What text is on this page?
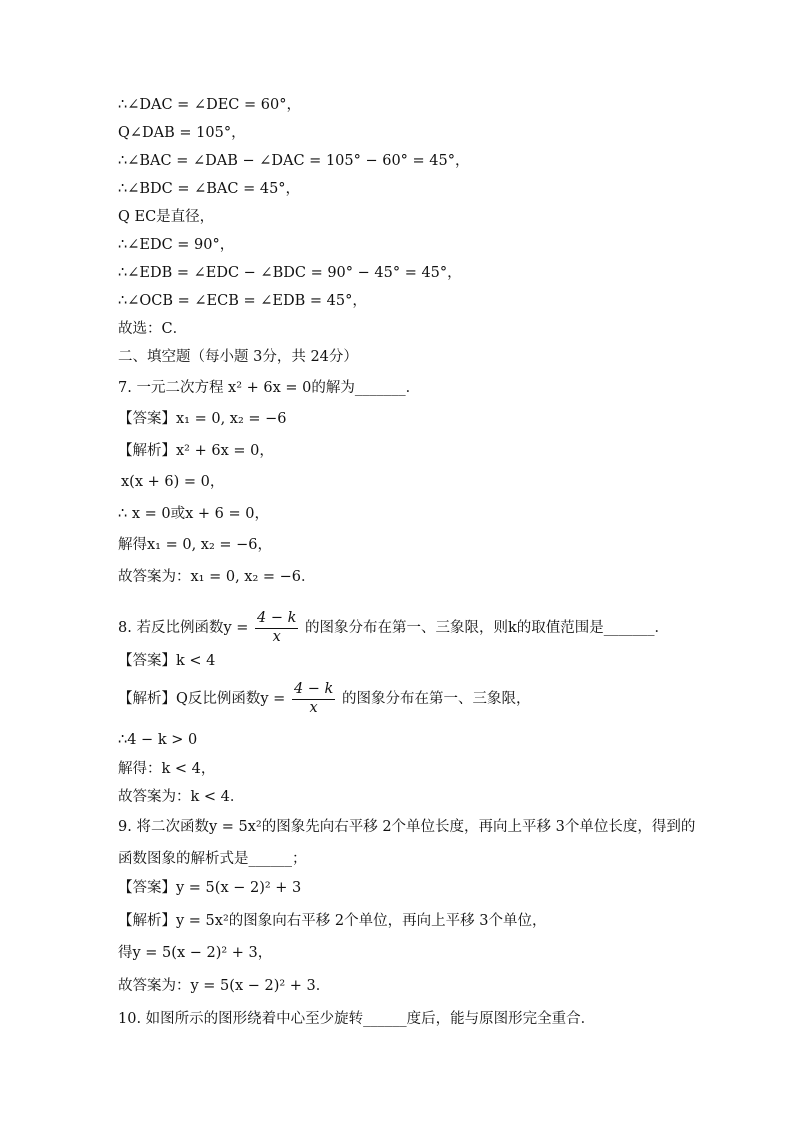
∴∠DAC = ∠DEC = 60°，
Q∠DAB = 105°，
∴∠BAC = ∠DAB − ∠DAC = 105° − 60° = 45°，
∴∠BDC = ∠BAC = 45°，
Q EC是直径，
∴∠EDC = 90°，
∴∠EDB = ∠EDC − ∠BDC = 90° − 45° = 45°，
∴∠OCB = ∠ECB = ∠EDB = 45°，
故选：C．
二、填空题（每小题 3分，共 24分）
7. 一元二次方程 x² + 6x = 0的解为_______．
【答案】x₁ = 0, x₂ = −6
【解析】x² + 6x = 0，
x(x + 6) = 0，
∴ x = 0或x + 6 = 0，
解得x₁ = 0, x₂ = −6，
故答案为：x₁ = 0, x₂ = −6．
8. 若反比例函数$y = \frac{4 - k}{x}$ 的图象分布在第一、三象限，则k的取值范围是_______．
【答案】k < 4
【解析】Q反比例函数$y = \frac{4 - k}{x}$ 的图象分布在第一、三象限，
∴4 − k > 0
解得：k < 4，
故答案为：k < 4．
9. 将二次函数y = 5x²的图象先向右平移 2个单位长度，再向上平移 3个单位长度，得到的
函数图象的解析式是______；
【答案】y = 5(x − 2)² + 3
【解析】y = 5x²的图象向右平移 2个单位，再向上平移 3个单位，
得y = 5(x − 2)² + 3，
故答案为：y = 5(x − 2)² + 3．
10. 如图所示的图形绕着中心至少旋转______度后，能与原图形完全重合．
